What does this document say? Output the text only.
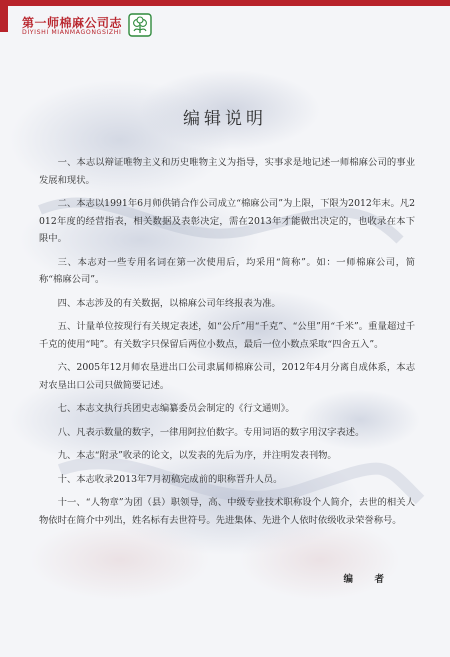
第一师棉麻公司志
DIYISHI MIANMAGONGSIZHI
编辑说明

一、本志以辩证唯物主义和历史唯物主义为指导，实事求是地记述一师棉麻公司的事业发展和现状。

二、本志以1991年6月师供销合作公司成立“棉麻公司”为上限，下限为2012年末。凡2012年度的经营指表，相关数据及表彰决定，需在2013年才能做出决定的，也收录在本下限中。

三、本志对一些专用名词在第一次使用后，均采用“简称”。如：一师棉麻公司，简称“棉麻公司”。

四、本志涉及的有关数据，以棉麻公司年终报表为准。

五、计量单位按现行有关规定表述，如“公斤”用“千克”、“公里”用“千米”。重量超过千千克的使用“吨”。有关数字只保留后两位小数点，最后一位小数点采取“四舍五入”。

六、2005年12月师农垦进出口公司隶属师棉麻公司，2012年4月分离自成体系，本志对农垦出口公司只做简要记述。

七、本志文执行兵团史志编纂委员会制定的《行文通则》。

八、凡表示数量的数字，一律用阿拉伯数字。专用词语的数字用汉字表述。

九、本志“附录”收录的论文，以发表的先后为序，并注明发表刊物。

十、本志收录2013年7月初稿完成前的职称晋升人员。

十一、“人物章”为团（县）职领导，高、中级专业技术职称设个人简介，去世的相关人物依时在简介中列出，姓名标有去世符号。先进集体、先进个人依时依级收录荣誉称号。

编　者
